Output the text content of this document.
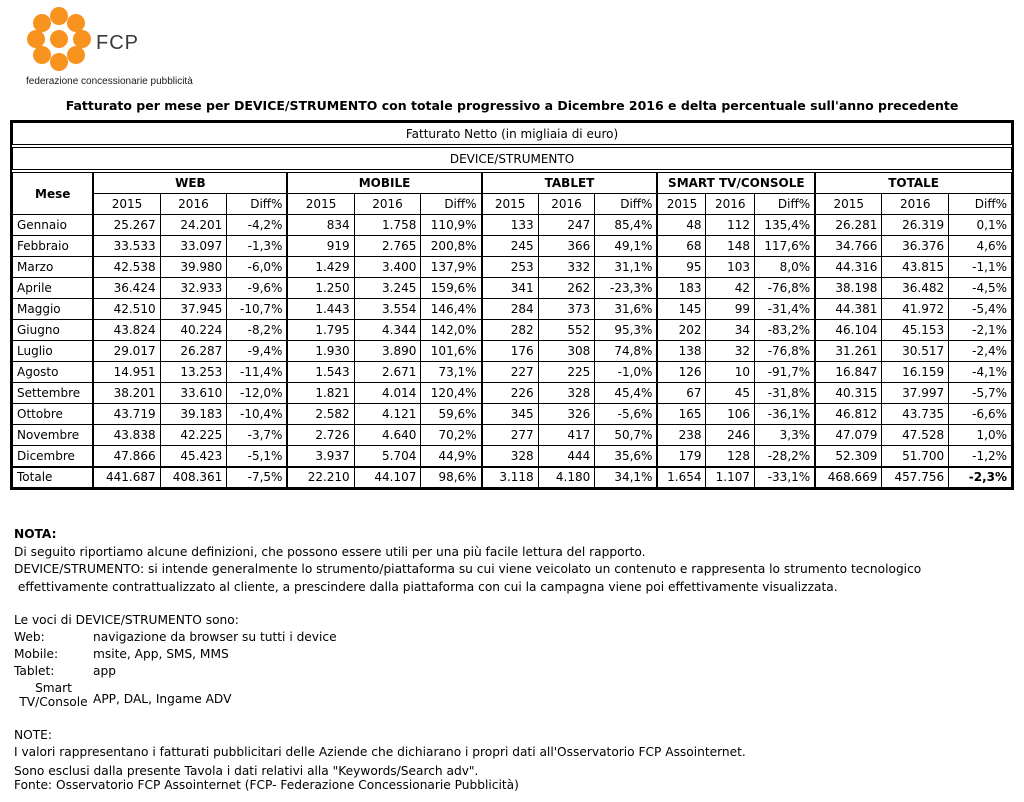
FCP
federazione concessionarie pubblicità
Fatturato per mese per DEVICE/STRUMENTO con totale progressivo a Dicembre 2016 e delta percentuale sull'anno precedente
Fatturato Netto (in migliaia di euro)															

DEVICE/STRUMENTO															

Mese	WEB			MOBILE			TABLET			SMART TV/CONSOLE			TOTALE		
	2015	2016	Diff%	2015	2016	Diff%	2015	2016	Diff%	2015	2016	Diff%	2015	2016	Diff%
Gennaio	25.267	24.201	-4,2%	834	1.758	110,9%	133	247	85,4%	48	112	135,4%	26.281	26.319	0,1%
Febbraio	33.533	33.097	-1,3%	919	2.765	200,8%	245	366	49,1%	68	148	117,6%	34.766	36.376	4,6%
Marzo	42.538	39.980	-6,0%	1.429	3.400	137,9%	253	332	31,1%	95	103	8,0%	44.316	43.815	-1,1%
Aprile	36.424	32.933	-9,6%	1.250	3.245	159,6%	341	262	-23,3%	183	42	-76,8%	38.198	36.482	-4,5%
Maggio	42.510	37.945	-10,7%	1.443	3.554	146,4%	284	373	31,6%	145	99	-31,4%	44.381	41.972	-5,4%
Giugno	43.824	40.224	-8,2%	1.795	4.344	142,0%	282	552	95,3%	202	34	-83,2%	46.104	45.153	-2,1%
Luglio	29.017	26.287	-9,4%	1.930	3.890	101,6%	176	308	74,8%	138	32	-76,8%	31.261	30.517	-2,4%
Agosto	14.951	13.253	-11,4%	1.543	2.671	73,1%	227	225	-1,0%	126	10	-91,7%	16.847	16.159	-4,1%
Settembre	38.201	33.610	-12,0%	1.821	4.014	120,4%	226	328	45,4%	67	45	-31,8%	40.315	37.997	-5,7%
Ottobre	43.719	39.183	-10,4%	2.582	4.121	59,6%	345	326	-5,6%	165	106	-36,1%	46.812	43.735	-6,6%
Novembre	43.838	42.225	-3,7%	2.726	4.640	70,2%	277	417	50,7%	238	246	3,3%	47.079	47.528	1,0%
Dicembre	47.866	45.423	-5,1%	3.937	5.704	44,9%	328	444	35,6%	179	128	-28,2%	52.309	51.700	-1,2%
Totale	441.687	408.361	-7,5%	22.210	44.107	98,6%	3.118	4.180	34,1%	1.654	1.107	-33,1%	468.669	457.756	-2,3%
NOTA:
Di seguito riportiamo alcune definizioni, che possono essere utili per una più facile lettura del rapporto.
DEVICE/STRUMENTO: si intende generalmente lo strumento/piattaforma su cui viene veicolato un contenuto e rappresenta lo strumento tecnologico
effettivamente contrattualizzato al cliente, a prescindere dalla piattaforma con cui la campagna viene poi effettivamente visualizzata.
Le voci di DEVICE/STRUMENTO sono:
Web:	navigazione da browser su tutti i device
Mobile:	msite, App, SMS, MMS
Tablet:	app
Smart
TV/Console APP, DAL, Ingame ADV
NOTE:
I valori rappresentano i fatturati pubblicitari delle Aziende che dichiarano i propri dati all'Osservatorio FCP Assointernet.
Sono esclusi dalla presente Tavola i dati relativi alla "Keywords/Search adv".
Fonte: Osservatorio FCP Assointernet (FCP- Federazione Concessionarie Pubblicità)
